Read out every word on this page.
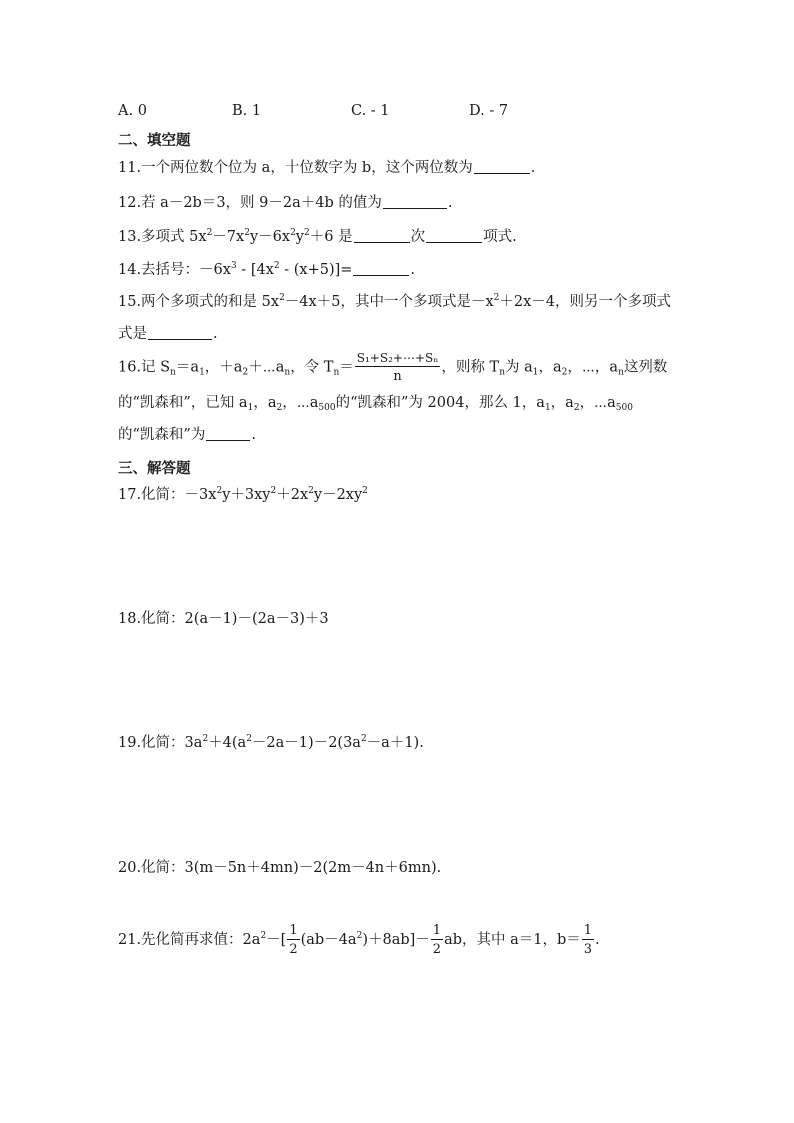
A. 0	B. 1	C. ‑ 1	D. ‑ 7
二、填空题
11.一个两位数个位为 a，十位数字为 b，这个两位数为	.
12.若 a－2b＝3，则 9－2a＋4b 的值为	.
13.多项式 $5x^2-7x^2y-6x^2y^2+6$ 是	次	项式.
14.去括号：$-6x^3 - [4x^2 - (x+5)]=$	.
15.两个多项式的和是 $5x^2-4x+5$，其中一个多项式是$-x^2+2x-4$，则另一个多项式
式是	.
16.记 $S_n=a_1$，$+a_2+\cdots a_n$，令 $T_n= \frac{\text{S₁+S₂+⋯+Sₙ}}{n}$ ，则称 $T_n$为 $a_1$，$a_2$，⋯，$a_n$这列数
的“凯森和”，已知 $a_1$，$a_2$，$\cdots a_{500}$的“凯森和”为 2004，那么 1，$a_1$，$a_2$，$\cdots a_{500}$
的“凯森和”为	.
三、解答题
17.化简：$-3x^2y+3xy^2+2x^2y-2xy^2$
18.化简：2(a－1)－(2a－3)＋3
19.化简：$3a^2+4(a^2-2a-1)-2(3a^2-a+1)$.
20.化简：3(m－5n＋4mn)－2(2m－4n＋6mn).
21.先化简再求值：$2a^2-[ \frac{1}{2} (ab-4a^2)+8ab]- \frac{1}{2}$ ab，其中 a＝1，$b= \frac{1}{3}$ .
